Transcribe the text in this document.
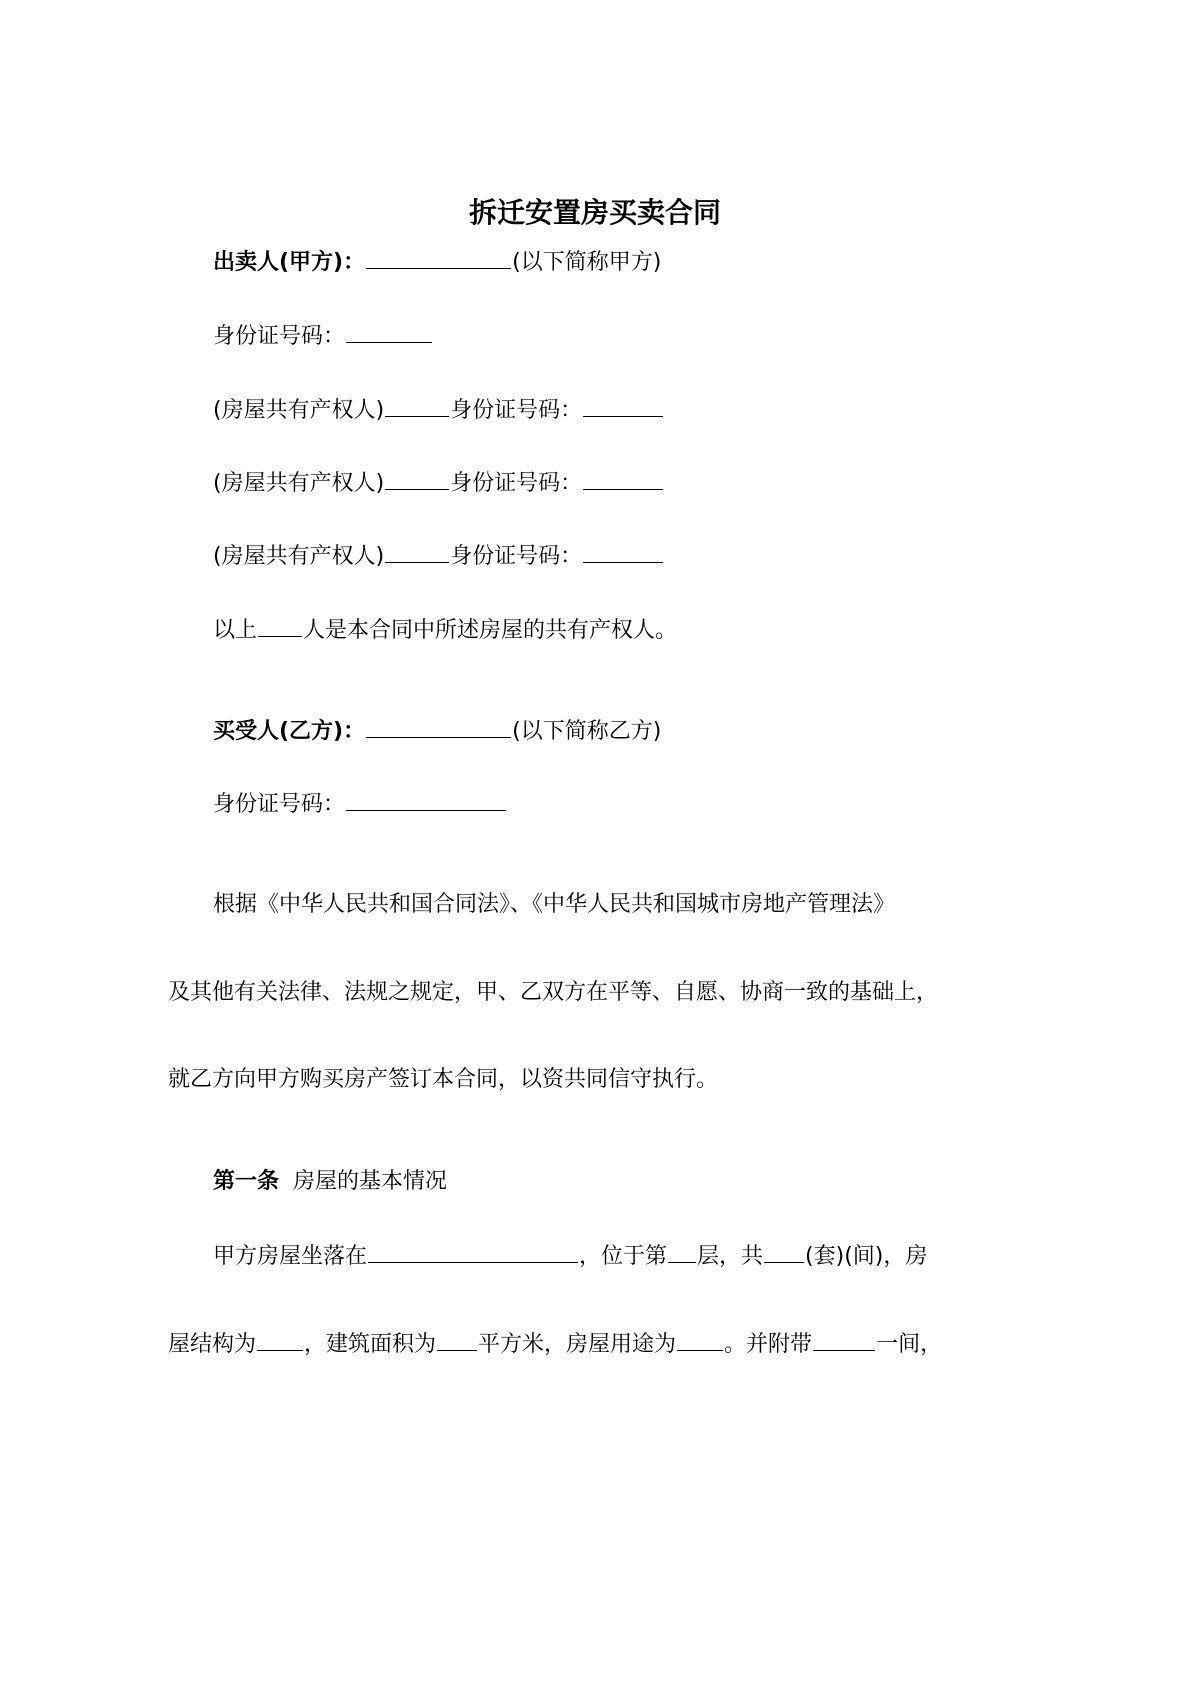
拆迁安置房买卖合同
出卖人(甲方)：	(以下简称甲方)
身份证号码：
(房屋共有产权人)	身份证号码：
(房屋共有产权人)	身份证号码：
(房屋共有产权人)	身份证号码：
以上 人是本合同中所述房屋的共有产权人。
买受人(乙方)：	(以下简称乙方)
身份证号码：
根据《中华人民共和国合同法》、《中华人民共和国城市房地产管理法》
及其他有关法律、法规之规定，甲、乙双方在平等、自愿、协商一致的基础上，
就乙方向甲方购买房产签订本合同，以资共同信守执行。
第一条 房屋的基本情况
甲方房屋坐落在	，位于第 层，共 (套)(间)，房
屋结构为 ，建筑面积为 平方米，房屋用途为 。并附带	一间，
